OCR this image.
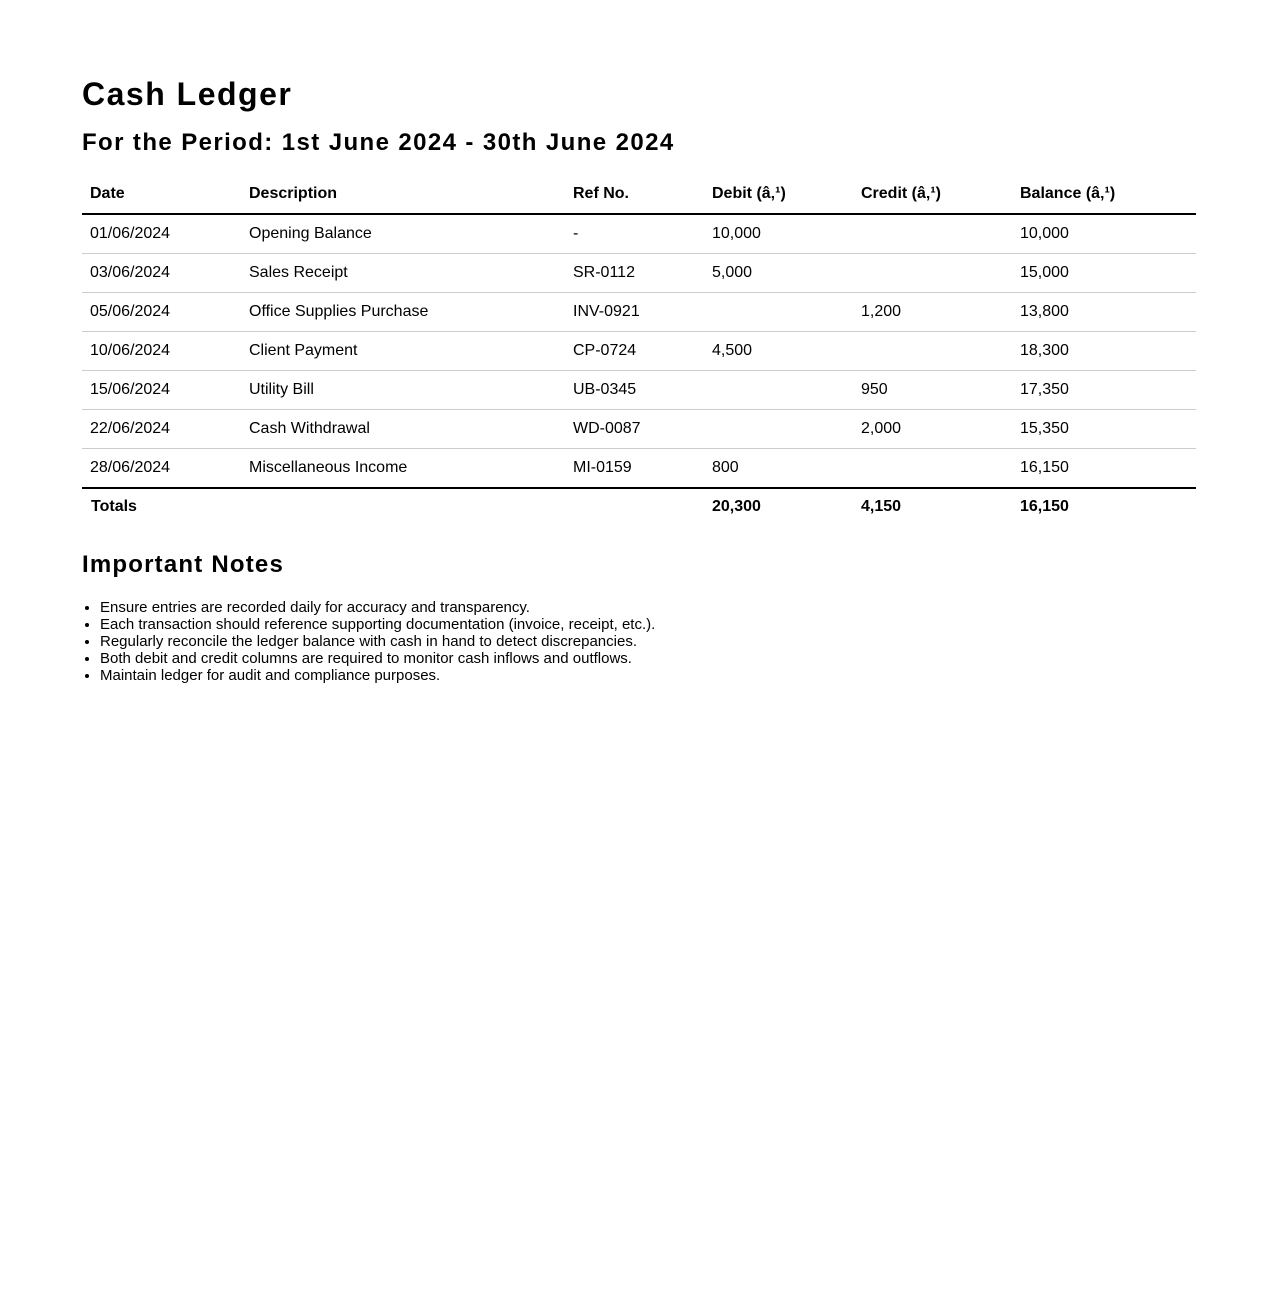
Cash Ledger
For the Period: 1st June 2024 - 30th June 2024
Date	Description	Ref No.	Debit (â‚¹)	Credit (â‚¹)	Balance (â‚¹)
01/06/2024	Opening Balance	-	10,000		10,000
03/06/2024	Sales Receipt	SR-0112	5,000		15,000
05/06/2024	Office Supplies Purchase	INV-0921		1,200	13,800
10/06/2024	Client Payment	CP-0724	4,500		18,300
15/06/2024	Utility Bill	UB-0345		950	17,350
22/06/2024	Cash Withdrawal	WD-0087		2,000	15,350
28/06/2024	Miscellaneous Income	MI-0159	800		16,150
Totals			20,300	4,150	16,150
Important Notes
• Ensure entries are recorded daily for accuracy and transparency.
• Each transaction should reference supporting documentation (invoice, receipt, etc.).
• Regularly reconcile the ledger balance with cash in hand to detect discrepancies.
• Both debit and credit columns are required to monitor cash inflows and outflows.
• Maintain ledger for audit and compliance purposes.
